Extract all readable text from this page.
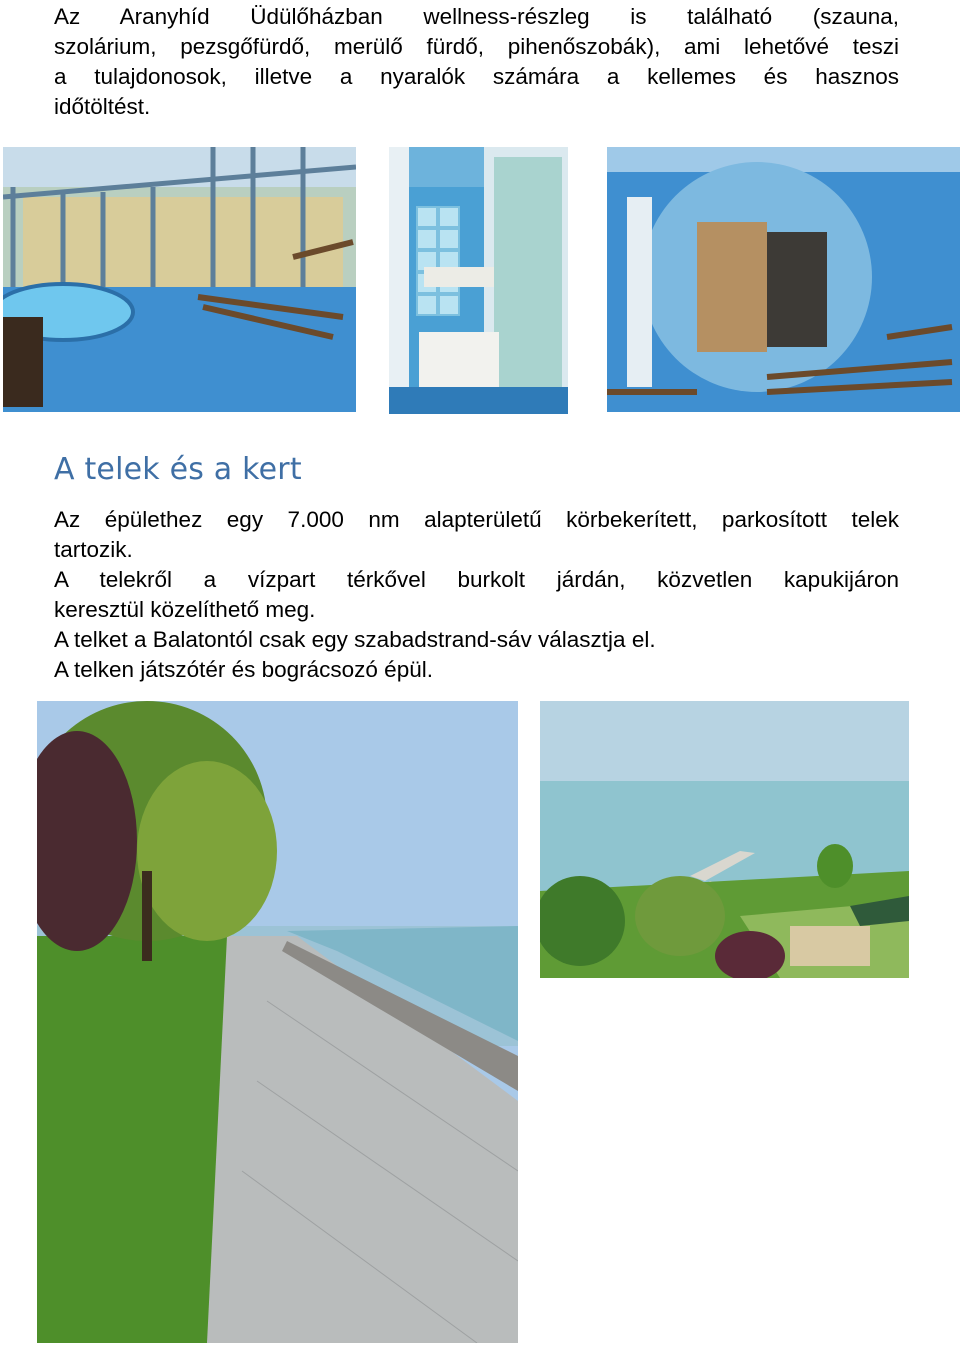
Az Aranyhíd Üdülőházban wellness-részleg is található (szauna,
szolárium, pezsgőfürdő, merülő fürdő, pihenőszobák), ami lehetővé teszi
a tulajdonosok, illetve a nyaralók számára a kellemes és hasznos
időtöltést.

A telek és a kert

Az épülethez egy 7.000 nm alapterületű körbekerített, parkosított telek
tartozik.

A telekről a vízpart térkővel burkolt járdán, közvetlen kapukijáron
keresztül közelíthető meg.

A telket a Balatontól csak egy szabadstrand-sáv választja el.

A telken játszótér és bográcsozó épül.
